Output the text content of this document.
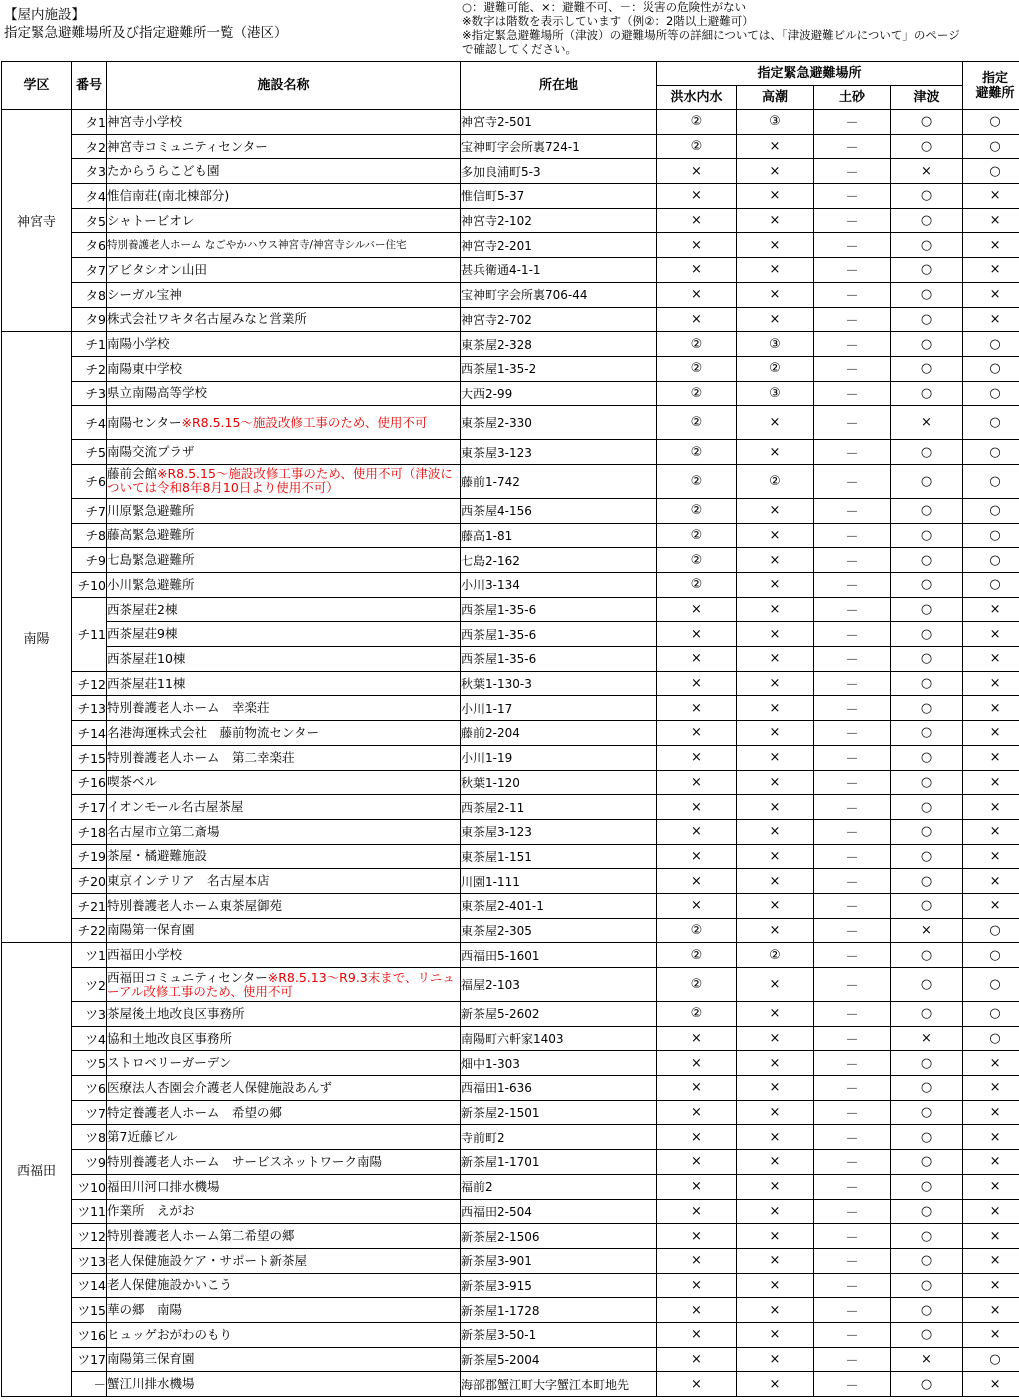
【屋内施設】
指定緊急避難場所及び指定避難所一覧（港区）
○：避難可能、×：避難不可、－：災害の危険性がない
※数字は階数を表示しています（例②：2階以上避難可）
※指定緊急避難場所（津波）の避難場所等の詳細については、「津波避難ビルについて」のページ
で確認してください。
学区	番号	施設名称	所在地	指定緊急避難場所				指定
避難所

				洪水内水	高潮	土砂	津波	
神宮寺	タ1	神宮寺小学校	神宮寺2-501	②	③	－	○	○
	タ2	神宮寺コミュニティセンター	宝神町字会所裏724-1	②	×	－	○	○
	タ3	たからうらこども園	多加良浦町5-3	×	×	－	×	○
	タ4	惟信南荘(南北棟部分)	惟信町5-37	×	×	－	○	×
	タ5	シャトービオレ	神宮寺2-102	×	×	－	○	×
	タ6	特別養護老人ホーム なごやかハウス神宮寺/神宮寺シルバー住宅	神宮寺2-201	×	×	－	○	×
	タ7	アビタシオン山田	甚兵衛通4-1-1	×	×	－	○	×
	タ8	シーガル宝神	宝神町字会所裏706-44	×	×	－	○	×
	タ9	株式会社ワキタ名古屋みなと営業所	神宮寺2-702	×	×	－	○	×
南陽	チ1	南陽小学校	東茶屋2-328	②	③	－	○	○
	チ2	南陽東中学校	西茶屋1-35-2	②	②	－	○	○
	チ3	県立南陽高等学校	大西2-99	②	③	－	○	○
	チ4	南陽センター※R8.5.15～施設改修工事のため、使用不可	東茶屋2-330	②	×	－	×	○
	チ5	南陽交流プラザ	東茶屋3-123	②	×	－	○	○
	チ6	藤前会館※R8.5.15～施設改修工事のため、使用不可（津波については令和8年8月10日より使用不可）	藤前1-742	②	②	－	○	○
	チ7	川原緊急避難所	西茶屋4-156	②	×	－	○	○
	チ8	藤高緊急避難所	藤高1-81	②	×	－	○	○
	チ9	七島緊急避難所	七島2-162	②	×	－	○	○
	チ10	小川緊急避難所	小川3-134	②	×	－	○	○
	チ11	西茶屋荘2棟	西茶屋1-35-6	×	×	－	○	×
		西茶屋荘9棟	西茶屋1-35-6	×	×	－	○	×
		西茶屋荘10棟	西茶屋1-35-6	×	×	－	○	×
	チ12	西茶屋荘11棟	秋葉1-130-3	×	×	－	○	×
	チ13	特別養護老人ホーム　幸楽荘	小川1-17	×	×	－	○	×
	チ14	名港海運株式会社　藤前物流センター	藤前2-204	×	×	－	○	×
	チ15	特別養護老人ホーム　第二幸楽荘	小川1-19	×	×	－	○	×
	チ16	喫茶ベル	秋葉1-120	×	×	－	○	×
	チ17	イオンモール名古屋茶屋	西茶屋2-11	×	×	－	○	×
	チ18	名古屋市立第二斎場	東茶屋3-123	×	×	－	○	×
	チ19	茶屋・橘避難施設	東茶屋1-151	×	×	－	○	×
	チ20	東京インテリア　名古屋本店	川園1-111	×	×	－	○	×
	チ21	特別養護老人ホーム東茶屋御苑	東茶屋2-401-1	×	×	－	○	×
	チ22	南陽第一保育園	東茶屋2-305	②	×	－	×	○
西福田	ツ1	西福田小学校	西福田5-1601	②	②	－	○	○
	ツ2	西福田コミュニティセンター※R8.5.13～R9.3末まで、リニューアル改修工事のため、使用不可	福屋2-103	②	×	－	○	○
	ツ3	茶屋後土地改良区事務所	新茶屋5-2602	②	×	－	○	○
	ツ4	協和土地改良区事務所	南陽町六軒家1403	×	×	－	×	○
	ツ5	ストロベリーガーデン	畑中1-303	×	×	－	○	×
	ツ6	医療法人杏園会介護老人保健施設あんず	西福田1-636	×	×	－	○	×
	ツ7	特定養護老人ホーム　希望の郷	新茶屋2-1501	×	×	－	○	×
	ツ8	第7近藤ビル	寺前町2	×	×	－	○	×
	ツ9	特別養護老人ホーム　サービスネットワーク南陽	新茶屋1-1701	×	×	－	○	×
	ツ10	福田川河口排水機場	福前2	×	×	－	○	×
	ツ11	作業所　えがお	西福田2-504	×	×	－	○	×
	ツ12	特別養護老人ホーム第二希望の郷	新茶屋2-1506	×	×	－	○	×
	ツ13	老人保健施設ケア・サポート新茶屋	新茶屋3-901	×	×	－	○	×
	ツ14	老人保健施設かいこう	新茶屋3-915	×	×	－	○	×
	ツ15	華の郷　南陽	新茶屋1-1728	×	×	－	○	×
	ツ16	ヒュッゲおがわのもり	新茶屋3-50-1	×	×	－	○	×
	ツ17	南陽第三保育園	新茶屋5-2004	×	×	－	×	○
	－	蟹江川排水機場	海部郡蟹江町大字蟹江本町地先	×	×	－	○	×
